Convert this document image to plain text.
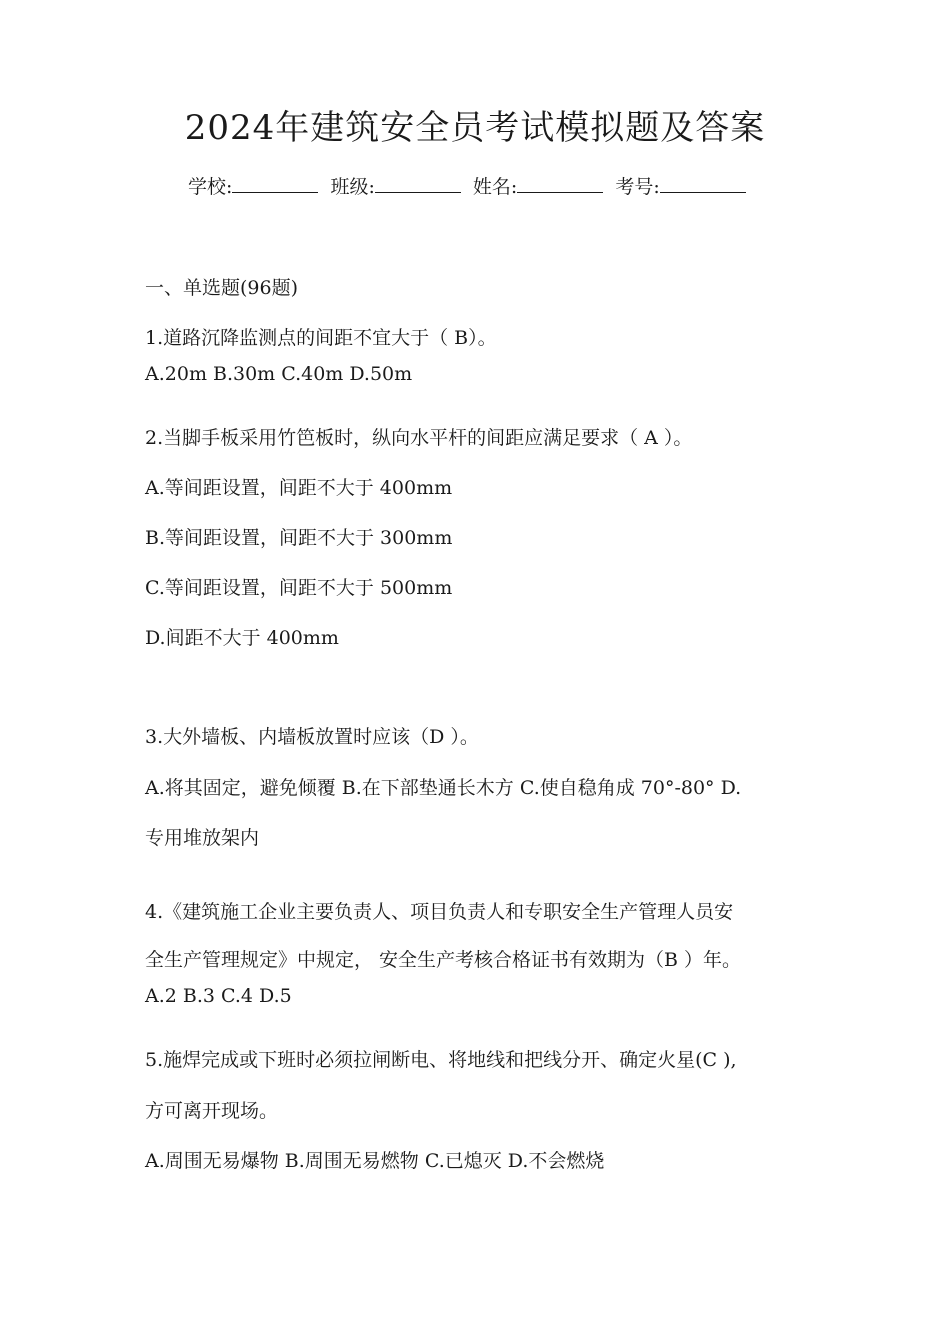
2024年建筑安全员考试模拟题及答案
学校:	班级:	姓名:	考号:
一、单选题(96题)
1.道路沉降监测点的间距不宜大于（ B）。
A.20m B.30m C.40m D.50m
2.当脚手板采用竹笆板时，纵向水平杆的间距应满足要求（ A ）。
A.等间距设置，间距不大于 400mm
B.等间距设置，间距不大于 300mm
C.等间距设置，间距不大于 500mm
D.间距不大于 400mm
3.大外墙板、内墙板放置时应该（D ）。
A.将其固定，避免倾覆 B.在下部垫通长木方 C.使自稳角成 70°-80° D.
专用堆放架内
4.《建筑施工企业主要负责人、项目负责人和专职安全生产管理人员安
全生产管理规定》中规定， 安全生产考核合格证书有效期为（B ）年。
A.2 B.3 C.4 D.5
5.施焊完成或下班时必须拉闸断电、将地线和把线分开、确定火星(C ),
方可离开现场。
A.周围无易爆物 B.周围无易燃物 C.已熄灭 D.不会燃烧
